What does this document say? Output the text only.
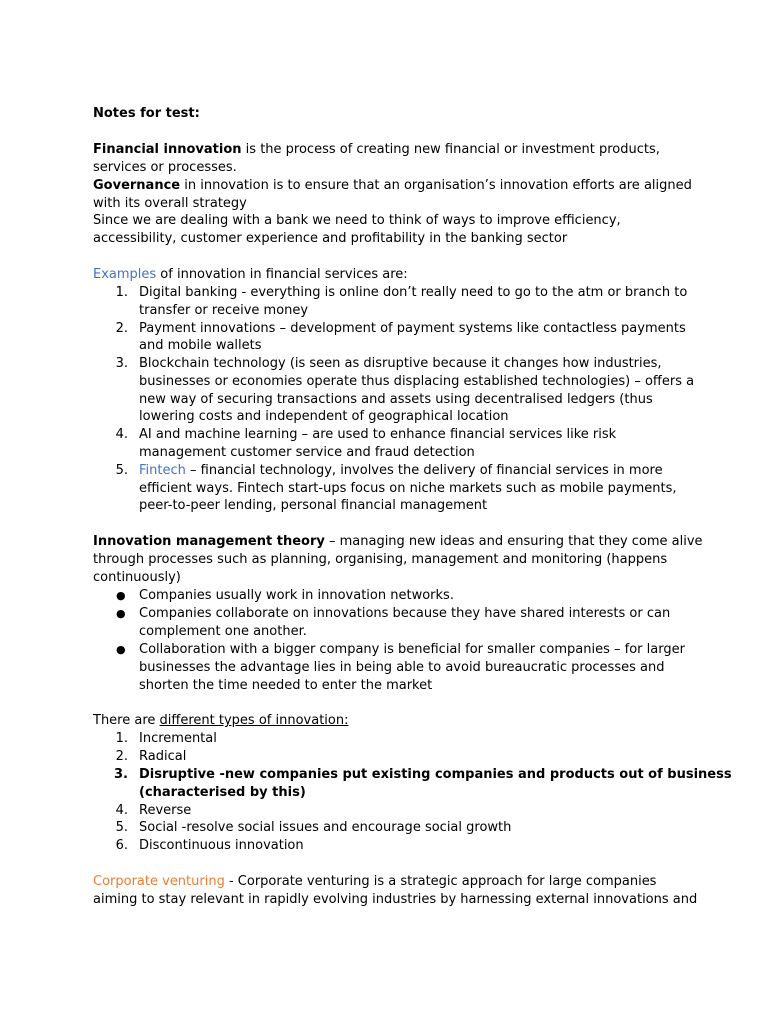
Notes for test:
Financial innovation is the process of creating new financial or investment products,
services or processes.
Governance in innovation is to ensure that an organisation’s innovation efforts are aligned
with its overall strategy
Since we are dealing with a bank we need to think of ways to improve efficiency,
accessibility, customer experience and profitability in the banking sector
Examples of innovation in financial services are:
1. Digital banking - everything is online don’t really need to go to the atm or branch to
transfer or receive money
2. Payment innovations – development of payment systems like contactless payments
and mobile wallets
3. Blockchain technology (is seen as disruptive because it changes how industries,
businesses or economies operate thus displacing established technologies) – offers a
new way of securing transactions and assets using decentralised ledgers (thus
lowering costs and independent of geographical location
4. AI and machine learning – are used to enhance financial services like risk
management customer service and fraud detection
5. Fintech – financial technology, involves the delivery of financial services in more
efficient ways. Fintech start-ups focus on niche markets such as mobile payments,
peer-to-peer lending, personal financial management
Innovation management theory – managing new ideas and ensuring that they come alive
through processes such as planning, organising, management and monitoring (happens
continuously)
● Companies usually work in innovation networks.
● Companies collaborate on innovations because they have shared interests or can
complement one another.
● Collaboration with a bigger company is beneficial for smaller companies – for larger
businesses the advantage lies in being able to avoid bureaucratic processes and
shorten the time needed to enter the market
There are different types of innovation:
1. Incremental
2. Radical
3. Disruptive -new companies put existing companies and products out of business
(characterised by this)
4. Reverse
5. Social -resolve social issues and encourage social growth
6. Discontinuous innovation
Corporate venturing - Corporate venturing is a strategic approach for large companies
aiming to stay relevant in rapidly evolving industries by harnessing external innovations and
